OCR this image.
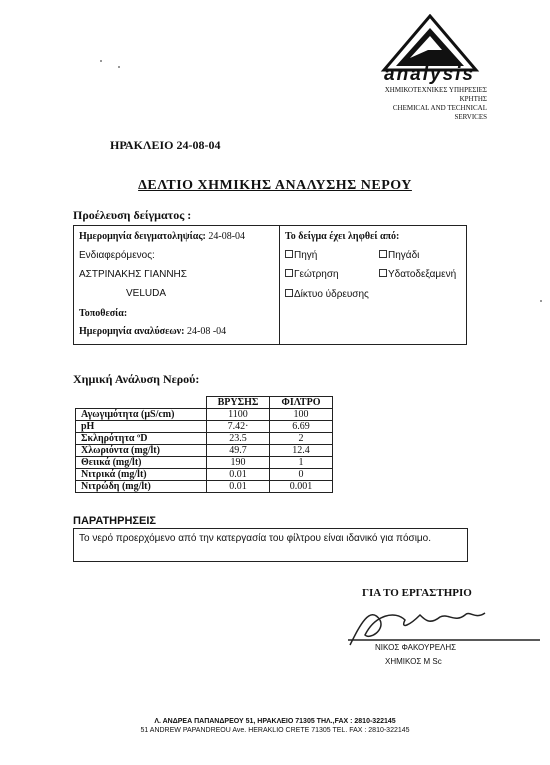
analysis
ΧΗΜΙΚΟΤΕΧΝΙΚΕΣ ΥΠΗΡΕΣΙΕΣ ΚΡΗΤΗΣ
CHEMICAL AND TECHNICAL SERVICES
ΗΡΑΚΛΕΙΟ 24-08-04
ΔΕΛΤΙΟ ΧΗΜΙΚΗΣ ΑΝΑΛΥΣΗΣ ΝΕΡΟΥ
Προέλευση δείγματος :
Ημερομηνία δειγματοληψίας: 24-08-04
Ενδιαφερόμενος:
ΑΣΤΡΙΝΑΚΗΣ ΓΙΑΝΝΗΣ
VELUDA
Τοποθεσία:
Ημερομηνία αναλύσεων: 24-08 -04
Το δείγμα έχει ληφθεί από:
Πηγή	Πηγάδι
Γεώτρηση	Υδατοδεξαμενή
Δίκτυο ύδρευσης
Χημική Ανάλυση Νερού:
	ΒΡΥΣΗΣ	ΦΙΛΤΡΟ
Αγωγιμότητα (μS/cm)	1100	100
pH	7.42·	6.69
Σκληρότητα ºD	23.5	2
Χλωριόντα (mg/lt)	49.7	12.4
Θειικά (mg/lt)	190	1
Νιτρικά (mg/lt)	0.01	0
Νιτρώδη (mg/lt)	0.01	0.001
ΠΑΡΑΤΗΡΗΣΕΙΣ
Το νερό προερχόμενο από την κατεργασία του φίλτρου είναι ιδανικό για πόσιμο.
ΓΙΑ ΤΟ ΕΡΓΑΣΤΗΡΙΟ
ΝΙΚΟΣ ΦΑΚΟΥΡΕΛΗΣ
ΧΗΜΙΚΟΣ Μ Sc
Λ. ΑΝΔΡΕΑ ΠΑΠΑΝΔΡΕΟΥ 51, ΗΡΑΚΛΕΙΟ 71305 ΤΗΛ.,FAX : 2810-322145
51 ANDREW PAPANDREOU Ave. HERAKLIO CRETE 71305 TEL. FAX : 2810-322145
